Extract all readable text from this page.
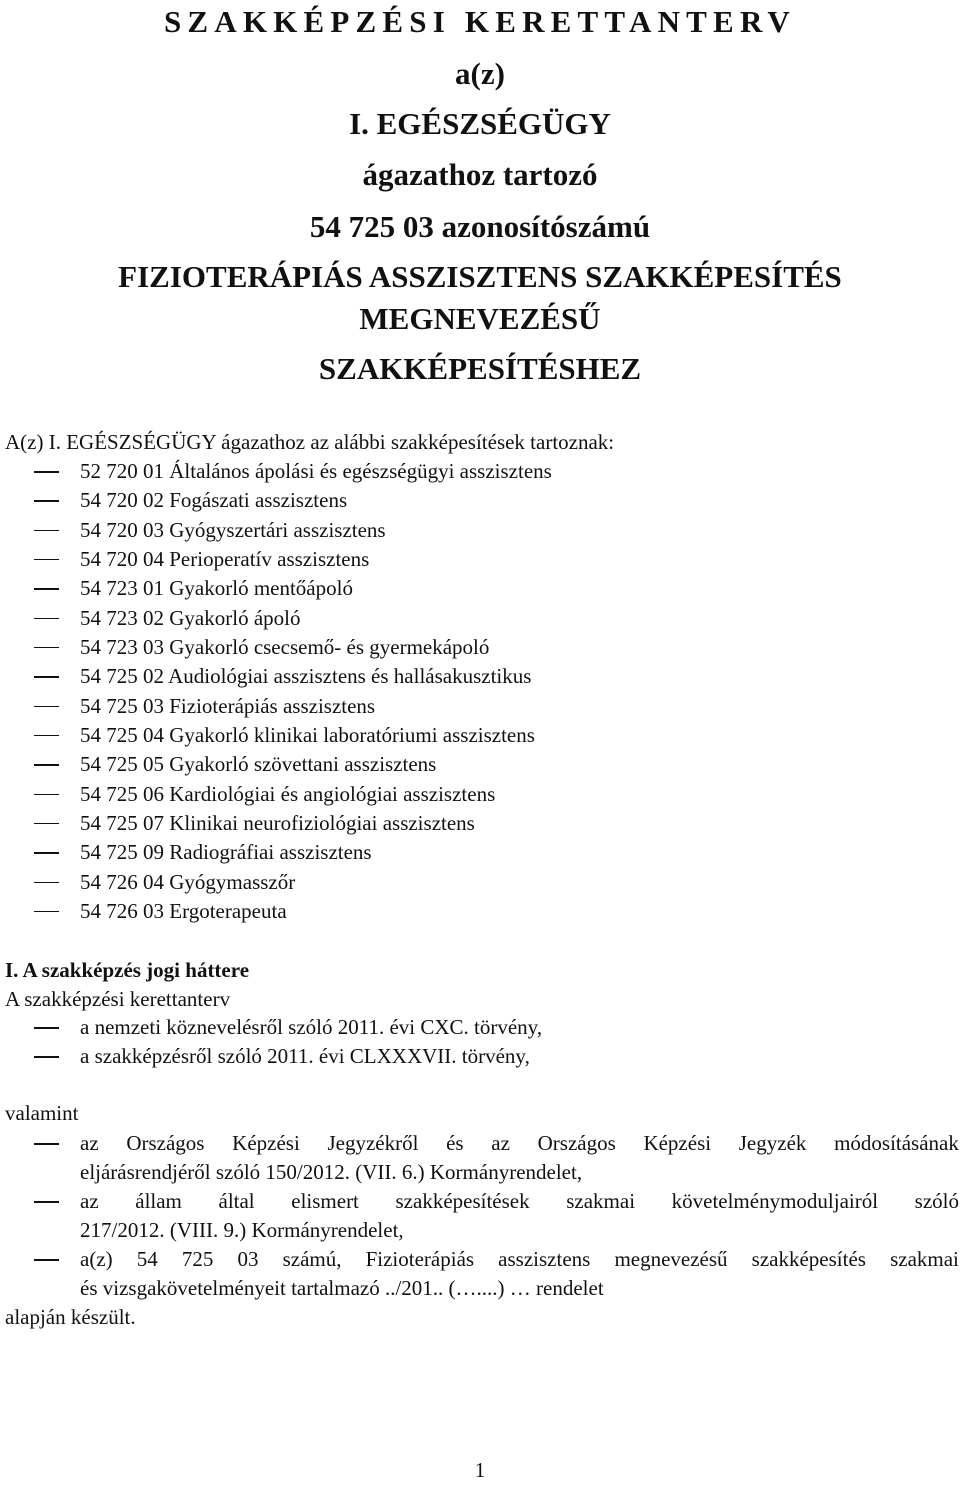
SZAKKÉPZÉSI KERETTANTERV
a(z)
I. EGÉSZSÉGÜGY
ágazathoz tartozó
54 725 03 azonosítószámú
FIZIOTERÁPIÁS ASSZISZTENS SZAKKÉPESÍTÉS
MEGNEVEZÉSŰ
SZAKKÉPESÍTÉSHEZ
A(z) I. EGÉSZSÉGÜGY ágazathoz az alábbi szakképesítések tartoznak:
52 720 01 Általános ápolási és egészségügyi asszisztens
54 720 02 Fogászati asszisztens
54 720 03 Gyógyszertári asszisztens
54 720 04 Perioperatív asszisztens
54 723 01 Gyakorló mentőápoló
54 723 02 Gyakorló ápoló
54 723 03 Gyakorló csecsemő- és gyermekápoló
54 725 02 Audiológiai asszisztens és hallásakusztikus
54 725 03 Fizioterápiás asszisztens
54 725 04 Gyakorló klinikai laboratóriumi asszisztens
54 725 05 Gyakorló szövettani asszisztens
54 725 06 Kardiológiai és angiológiai asszisztens
54 725 07 Klinikai neurofiziológiai asszisztens
54 725 09 Radiográfiai asszisztens
54 726 04 Gyógymasszőr
54 726 03 Ergoterapeuta
I. A szakképzés jogi háttere
A szakképzési kerettanterv
a nemzeti köznevelésről szóló 2011. évi CXC. törvény,
a szakképzésről szóló 2011. évi CLXXXVII. törvény,
valamint
az Országos Képzési Jegyzékről és az Országos Képzési Jegyzék módosításának
eljárásrendjéről szóló 150/2012. (VII. 6.) Kormányrendelet,
az állam által elismert szakképesítések szakmai követelménymoduljairól szóló
217/2012. (VIII. 9.) Kormányrendelet,
a(z) 54 725 03 számú, Fizioterápiás asszisztens megnevezésű szakképesítés szakmai
és vizsgakövetelményeit tartalmazó ../201.. (…....) … rendelet
alapján készült.
1
